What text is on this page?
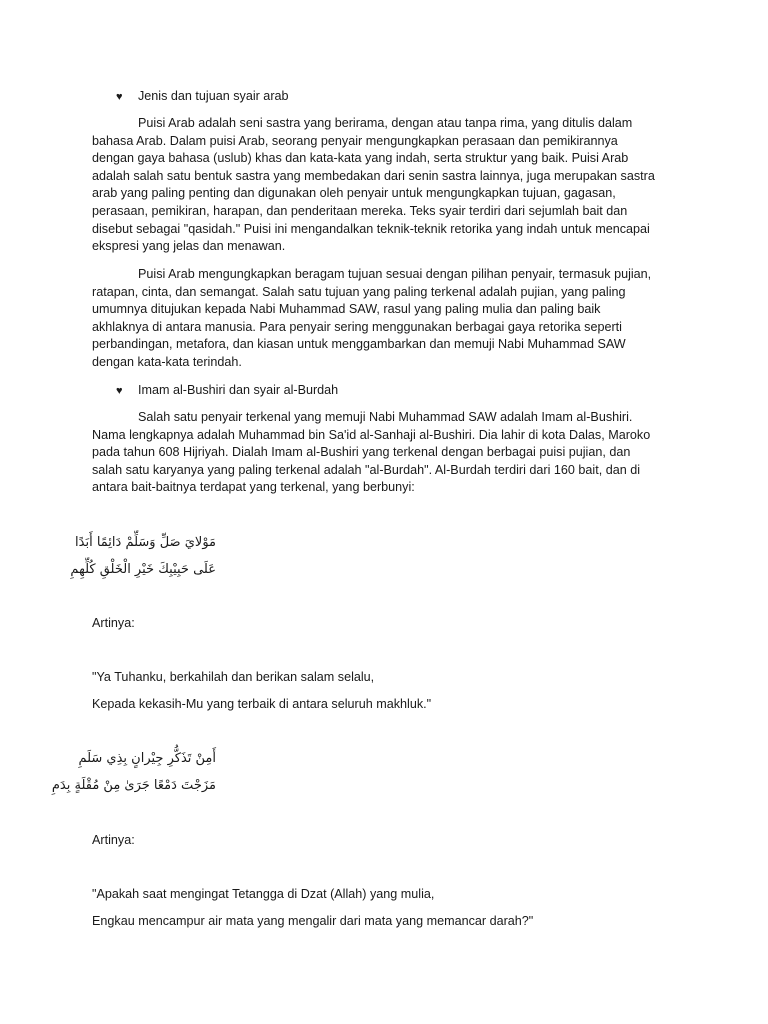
♥ Jenis dan tujuan syair arab

Puisi Arab adalah seni sastra yang berirama, dengan atau tanpa rima, yang ditulis dalam
bahasa Arab. Dalam puisi Arab, seorang penyair mengungkapkan perasaan dan pemikirannya
dengan gaya bahasa (uslub) khas dan kata-kata yang indah, serta struktur yang baik. Puisi Arab
adalah salah satu bentuk sastra yang membedakan dari senin sastra lainnya, juga merupakan sastra
arab yang paling penting dan digunakan oleh penyair untuk mengungkapkan tujuan, gagasan,
perasaan, pemikiran, harapan, dan penderitaan mereka. Teks syair terdiri dari sejumlah bait dan
disebut sebagai "qasidah." Puisi ini mengandalkan teknik-teknik retorika yang indah untuk mencapai
ekspresi yang jelas dan menawan.

Puisi Arab mengungkapkan beragam tujuan sesuai dengan pilihan penyair, termasuk pujian,
ratapan, cinta, dan semangat. Salah satu tujuan yang paling terkenal adalah pujian, yang paling
umumnya ditujukan kepada Nabi Muhammad SAW, rasul yang paling mulia dan paling baik
akhlaknya di antara manusia. Para penyair sering menggunakan berbagai gaya retorika seperti
perbandingan, metafora, dan kiasan untuk menggambarkan dan memuji Nabi Muhammad SAW
dengan kata-kata terindah.

♥ Imam al-Bushiri dan syair al-Burdah

Salah satu penyair terkenal yang memuji Nabi Muhammad SAW adalah Imam al-Bushiri.
Nama lengkapnya adalah Muhammad bin Sa'id al-Sanhaji al-Bushiri. Dia lahir di kota Dalas, Maroko
pada tahun 608 Hijriyah. Dialah Imam al-Bushiri yang terkenal dengan berbagai puisi pujian, dan
salah satu karyanya yang paling terkenal adalah "al-Burdah". Al-Burdah terdiri dari 160 bait, dan di
antara bait-baitnya terdapat yang terkenal, yang berbunyi:

مَوْلايَ صَلِّ وَسَلِّمْ دَائِمًا أَبَدًا
عَلَى حَبِيْبِكَ خَيْرِ الْخَلْقِ كُلِّهِمِ
Artinya:
"Ya Tuhanku, berkahilah dan berikan salam selalu,
Kepada kekasih-Mu yang terbaik di antara seluruh makhluk."
أَمِنْ تَذَكُّرِ جِيْرانٍ بِذِي سَلَمِ
مَزَجْتَ دَمْعًا جَرَىٰ مِنْ مُقْلَةٍ بِدَمِ
Artinya:
"Apakah saat mengingat Tetangga di Dzat (Allah) yang mulia,
Engkau mencampur air mata yang mengalir dari mata yang memancar darah?"
